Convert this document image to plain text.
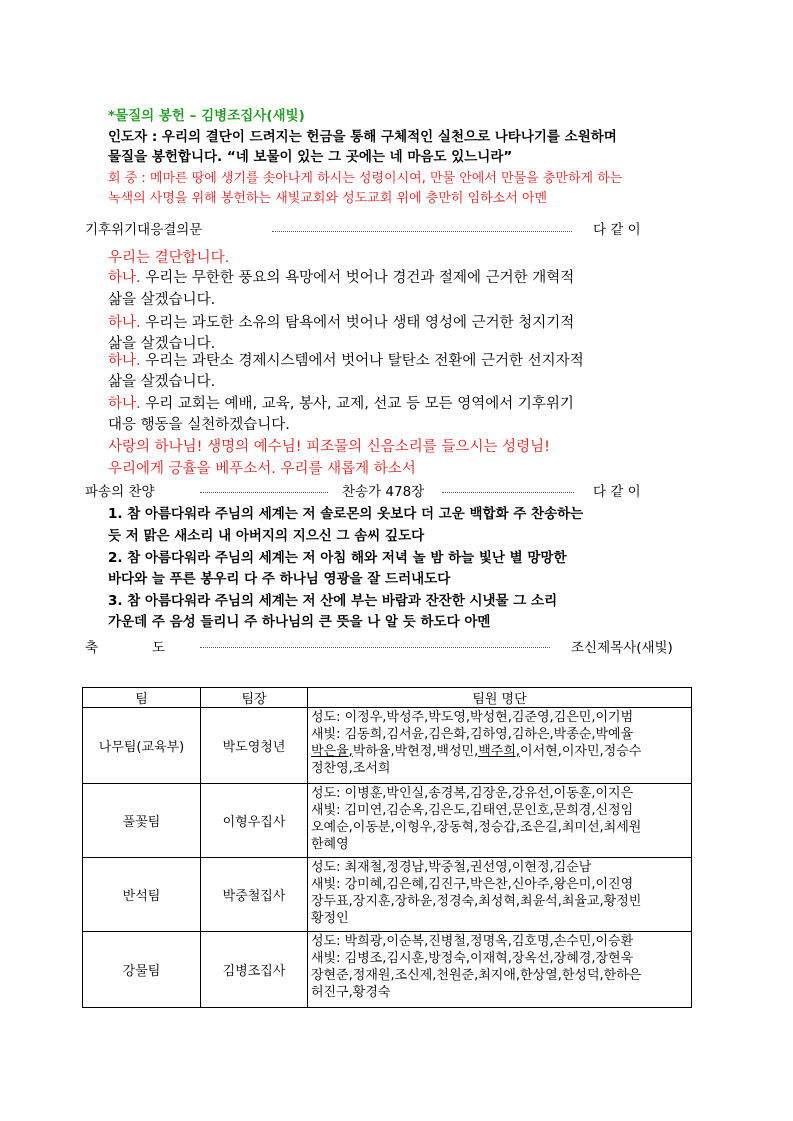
*물질의 봉헌 – 김병조집사(새빛)
인도자 : 우리의 결단이 드려지는 헌금을 통해 구체적인 실천으로 나타나기를 소원하며
물질을 봉헌합니다. “네 보물이 있는 그 곳에는 네 마음도 있느니라”
회 중 : 메마른 땅에 생기를 솟아나게 하시는 성령이시여, 만물 안에서 만물을 충만하게 하는
녹색의 사명을 위해 봉헌하는 새빛교회와 성도교회 위에 충만히 임하소서 아멘
기후위기대응결의문	다 같 이
우리는 결단합니다.
하나. 우리는 무한한 풍요의 욕망에서 벗어나 경건과 절제에 근거한 개혁적
삶을 살겠습니다.
하나. 우리는 과도한 소유의 탐욕에서 벗어나 생태 영성에 근거한 청지기적
삶을 살겠습니다.
하나. 우리는 과탄소 경제시스템에서 벗어나 탈탄소 전환에 근거한 선지자적
삶을 살겠습니다.
하나. 우리 교회는 예배, 교육, 봉사, 교제, 선교 등 모든 영역에서 기후위기
대응 행동을 실천하겠습니다.
사랑의 하나님! 생명의 예수님! 피조물의 신음소리를 들으시는 성령님!
우리에게 긍휼을 베푸소서. 우리를 새롭게 하소서
파송의 찬양	찬송가 478장	다 같 이
1. 참 아름다워라 주님의 세계는 저 솔로몬의 옷보다 더 고운 백합화 주 찬송하는
듯 저 맑은 새소리 내 아버지의 지으신 그 솜씨 깊도다
2. 참 아름다워라 주님의 세계는 저 아침 해와 저녁 놀 밤 하늘 빛난 별 망망한
바다와 늘 푸른 봉우리 다 주 하나님 영광을 잘 드러내도다
3. 참 아름다워라 주님의 세계는 저 산에 부는 바람과 잔잔한 시냇물 그 소리
가운데 주 음성 들리니 주 하나님의 큰 뜻을 나 알 듯 하도다 아멘
축	도	조신제목사(새빛)
팀	팀장	팀원 명단
나무팀(교육부)	박도영청년	성도: 이정우,박성주,박도영,박성현,김준영,김은민,이기범
새빛: 김동희,김서윤,김은화,김하영,김하은,박종순,박예율
박은율,박하율,박현정,백성민,백주희,이서현,이자민,정승수
정찬영,조서희

풀꽃팀	이형우집사	성도: 이병훈,박인실,송경복,김장운,강유선,이동훈,이지은
새빛: 김미연,김순옥,김은도,김태연,문인호,문희경,신정임
오예순,이동분,이형우,장동혁,정승갑,조은길,최미선,최세원
한혜영

반석팀	박중철집사	성도: 최재철,정경남,박중철,권선영,이현정,김순남
새빛: 강미혜,김은혜,김진구,박은찬,신아주,왕은미,이진영
장두표,장지훈,장하윤,정경숙,최성혁,최윤석,최율교,황정빈
황정인

강물팀	김병조집사	성도: 박희광,이순복,진병철,정명옥,김호명,손수민,이승환
새빛: 김병조,김시훈,방정숙,이재혁,장옥선,장혜경,장현욱
장현준,정재원,조신제,천원준,최지애,한상열,한성덕,한하은
허진구,황경숙
